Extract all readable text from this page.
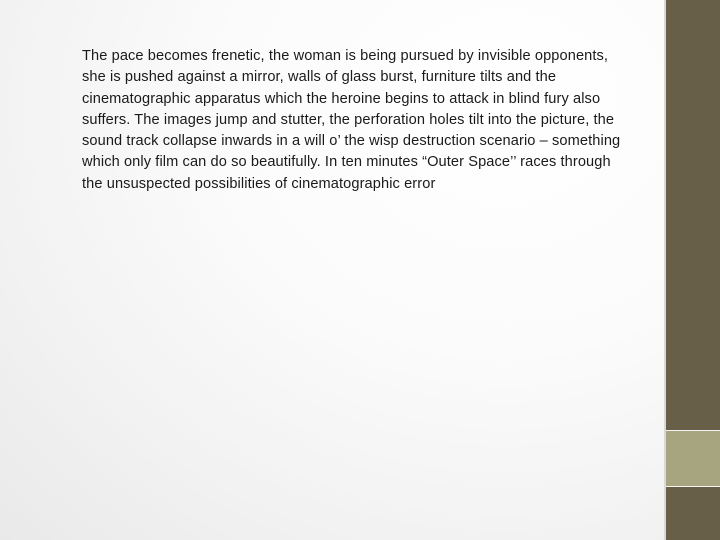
The pace becomes frenetic, the woman is being pursued by invisible opponents, she is pushed against a mirror, walls of glass burst, furniture tilts and the cinematographic apparatus which the heroine begins to attack in blind fury also suffers. The images jump and stutter, the perforation holes tilt into the picture, the sound track collapse inwards in a will o’ the wisp destruction scenario – something which only film can do so beautifully. In ten minutes “Outer Space’’ races through the unsuspected possibilities of cinematographic error
